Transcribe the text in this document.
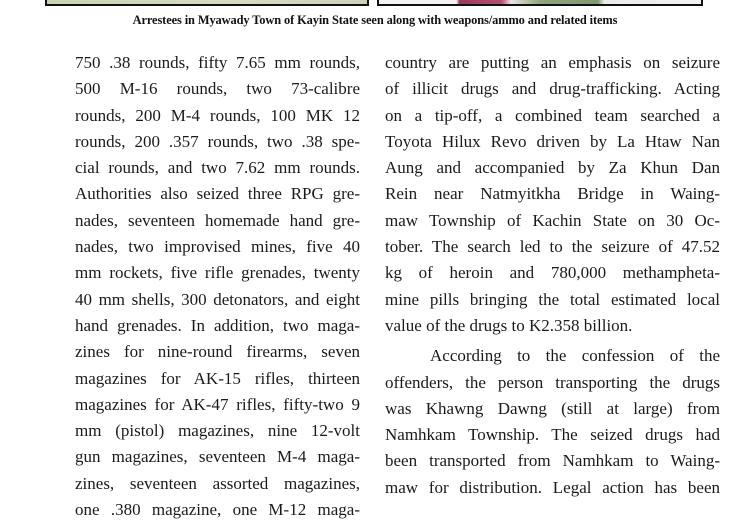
Arrestees in Myawady Town of Kayin State seen along with weapons/ammo and related items
750 .38 rounds, fifty 7.65 mm rounds,
500 M-16 rounds, two 73-calibre
rounds, 200 M-4 rounds, 100 MK 12
rounds, 200 .357 rounds, two .38 spe-
cial rounds, and two 7.62 mm rounds.
Authorities also seized three RPG gre-
nades, seventeen homemade hand gre-
nades, two improvised mines, five 40
mm rockets, five rifle grenades, twenty
40 mm shells, 300 detonators, and eight
hand grenades. In addition, two maga-
zines for nine-round firearms, seven
magazines for AK-15 rifles, thirteen
magazines for AK-47 rifles, fifty-two 9
mm (pistol) magazines, nine 12-volt
gun magazines, seventeen M-4 maga-
zines, seventeen assorted magazines,
one .380 magazine, one M-12 maga-
country are putting an emphasis on seizure
of illicit drugs and drug-trafficking. Acting
on a tip-off, a combined team searched a
Toyota Hilux Revo driven by La Htaw Nan
Aung and accompanied by Za Khun Dan
Rein near Natmyitkha Bridge in Waing-
maw Township of Kachin State on 30 Oc-
tober. The search led to the seizure of 47.52
kg of heroin and 780,000 methampheta-
mine pills bringing the total estimated local
value of the drugs to K2.358 billion.
According to the confession of the
offenders, the person transporting the drugs
was Khawng Dawng (still at large) from
Namhkam Township. The seized drugs had
been transported from Namhkam to Waing-
maw for distribution. Legal action has been
